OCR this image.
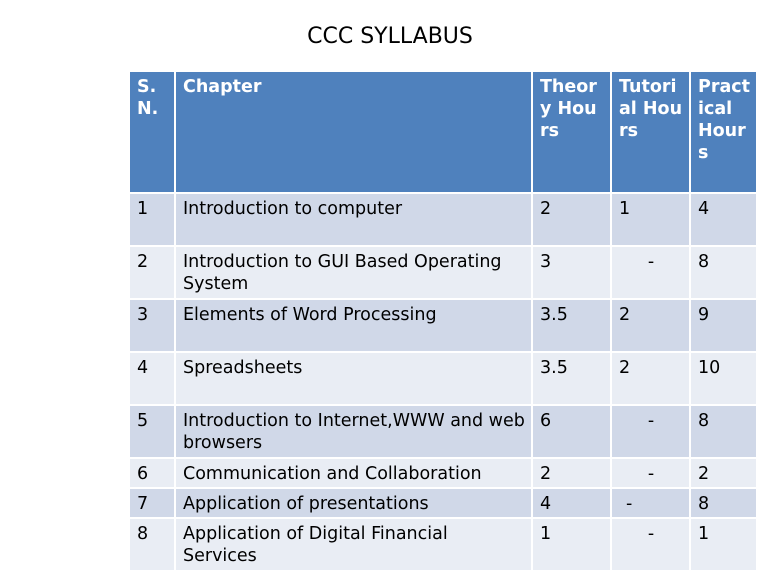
CCC SYLLABUS
S. N.	Chapter	Theory Hours	Tutorial Hours	Practical Hours
1	Introduction to computer	2	1	4
2	Introduction to GUI Based Operating System	3	-	8
3	Elements of Word Processing	3.5	2	9
4	Spreadsheets	3.5	2	10
5	Introduction to Internet,WWW and web browsers	6	-	8
6	Communication and Collaboration	2	-	2
7	Application of presentations	4	-	8
8	Application of Digital Financial Services	1	-	1
